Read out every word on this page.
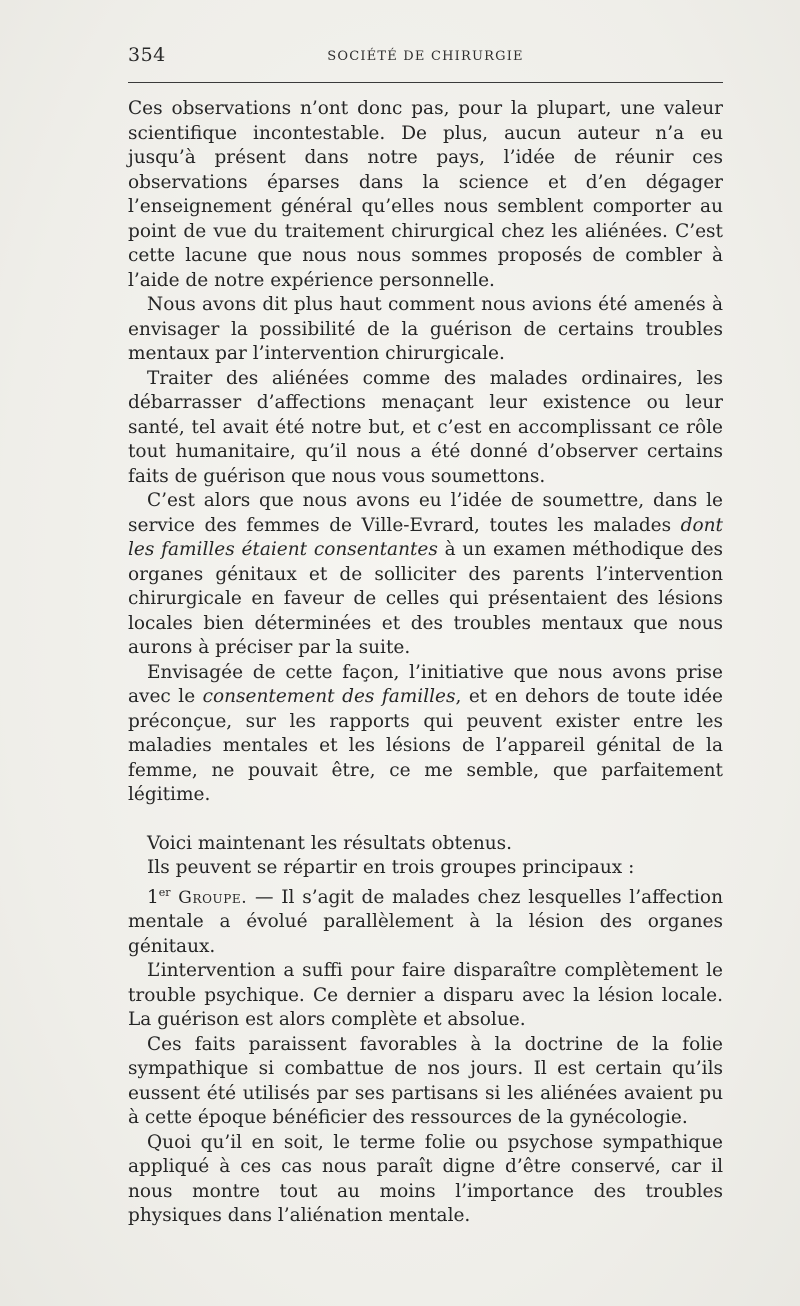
354	SOCIÉTÉ DE CHIRURGIE

Ces observations n’ont donc pas, pour la plupart, une valeur scientifique incontestable. De plus, aucun auteur n’a eu jusqu’à présent dans notre pays, l’idée de réunir ces observations éparses dans la science et d’en dégager l’enseignement général qu’elles nous semblent comporter au point de vue du traitement chirurgical chez les aliénées. C’est cette lacune que nous nous sommes proposés de combler à l’aide de notre expérience personnelle.

Nous avons dit plus haut comment nous avions été amenés à envisager la possibilité de la guérison de certains troubles mentaux par l’intervention chirurgicale.

Traiter des aliénées comme des malades ordinaires, les débarrasser d’affections menaçant leur existence ou leur santé, tel avait été notre but, et c’est en accomplissant ce rôle tout humanitaire, qu’il nous a été donné d’observer certains faits de guérison que nous vous soumettons.

C’est alors que nous avons eu l’idée de soumettre, dans le service des femmes de Ville-Evrard, toutes les malades dont les familles étaient consentantes à un examen méthodique des organes génitaux et de solliciter des parents l’intervention chirurgicale en faveur de celles qui présentaient des lésions locales bien déterminées et des troubles mentaux que nous aurons à préciser par la suite.

Envisagée de cette façon, l’initiative que nous avons prise avec le consentement des familles, et en dehors de toute idée préconçue, sur les rapports qui peuvent exister entre les maladies mentales et les lésions de l’appareil génital de la femme, ne pouvait être, ce me semble, que parfaitement légitime.

Voici maintenant les résultats obtenus.

Ils peuvent se répartir en trois groupes principaux :

1er Groupe. — Il s’agit de malades chez lesquelles l’affection mentale a évolué parallèlement à la lésion des organes génitaux.

L’intervention a suffi pour faire disparaître complètement le trouble psychique. Ce dernier a disparu avec la lésion locale. La guérison est alors complète et absolue.

Ces faits paraissent favorables à la doctrine de la folie sympathique si combattue de nos jours. Il est certain qu’ils eussent été utilisés par ses partisans si les aliénées avaient pu à cette époque bénéficier des ressources de la gynécologie.

Quoi qu’il en soit, le terme folie ou psychose sympathique appliqué à ces cas nous paraît digne d’être conservé, car il nous montre tout au moins l’importance des troubles physiques dans l’aliénation mentale.
